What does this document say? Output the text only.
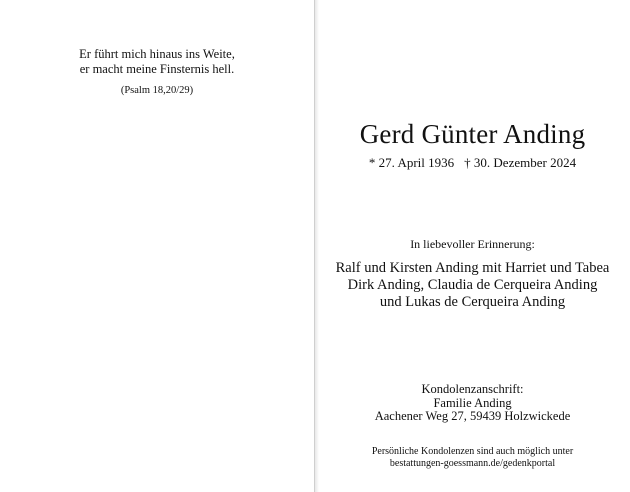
Er führt mich hinaus ins Weite,
er macht meine Finsternis hell.
(Psalm 18,20/29)
Gerd Günter Anding
* 27. April 1936 † 30. Dezember 2024
In liebevoller Erinnerung:
Ralf und Kirsten Anding mit Harriet und Tabea
Dirk Anding, Claudia de Cerqueira Anding
und Lukas de Cerqueira Anding
Kondolenzanschrift:
Familie Anding
Aachener Weg 27, 59439 Holzwickede
Persönliche Kondolenzen sind auch möglich unter
bestattungen-goessmann.de/gedenkportal
